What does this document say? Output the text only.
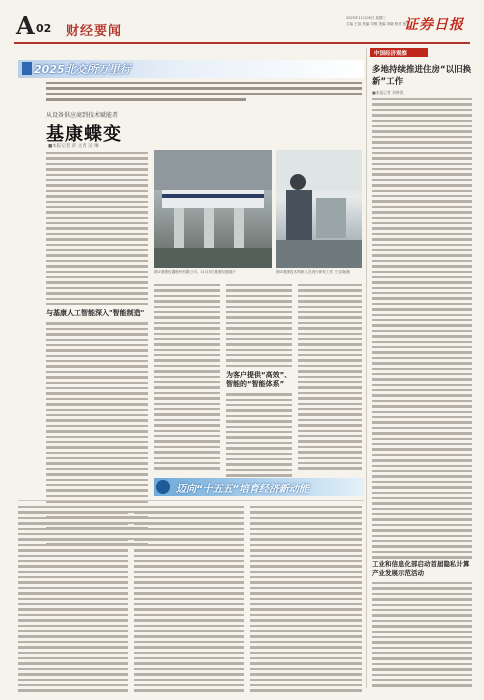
A 02 财经要闻
2025年11月05日 星期三
主编 王蓓 责编 司维 美编 刘晓 校对 张萍
证券日报
2025北交所万里行
从设备供应商到技术赋能者
基康蝶变
■本报记者 孙 文青 吴 琳
与基康人工智能深入"智能制造"
图①基康仪器股份有限公司，11月3日基康仪器展厅	图②基康技术科研人员进行研发工作 王宝晓/摄
为客户提供“高效”、智能的“智能体系”
迈向“十五五”培育经济新动能
中国经济观察
多地持续推进住房“以旧换新”工作
■本报记者 刘善爱
工业和信息化部启动首届隐私计算产业发展示范活动
